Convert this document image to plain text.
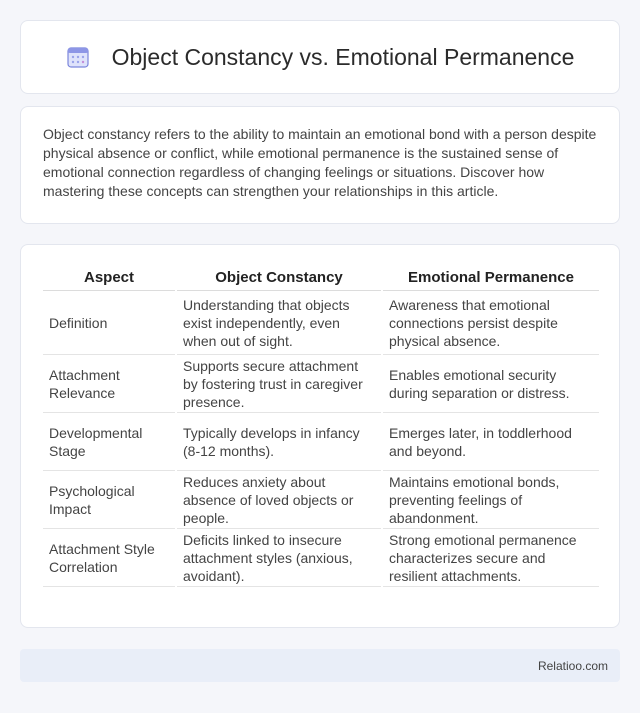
Object Constancy vs. Emotional Permanence

Object constancy refers to the ability to maintain an emotional bond with a person despite physical absence or conflict, while emotional permanence is the sustained sense of emotional connection regardless of changing feelings or situations. Discover how mastering these concepts can strengthen your relationships in this article.

Aspect	Object Constancy	Emotional Permanence
Definition	Understanding that objects exist independently, even when out of sight.	Awareness that emotional connections persist despite physical absence.
Attachment Relevance	Supports secure attachment by fostering trust in caregiver presence.	Enables emotional security during separation or distress.
Developmental Stage	Typically develops in infancy (8-12 months).	Emerges later, in toddlerhood and beyond.
Psychological Impact	Reduces anxiety about absence of loved objects or people.	Maintains emotional bonds, preventing feelings of abandonment.
Attachment Style Correlation	Deficits linked to insecure attachment styles (anxious, avoidant).	Strong emotional permanence characterizes secure and resilient attachments.
Relatioo.com
